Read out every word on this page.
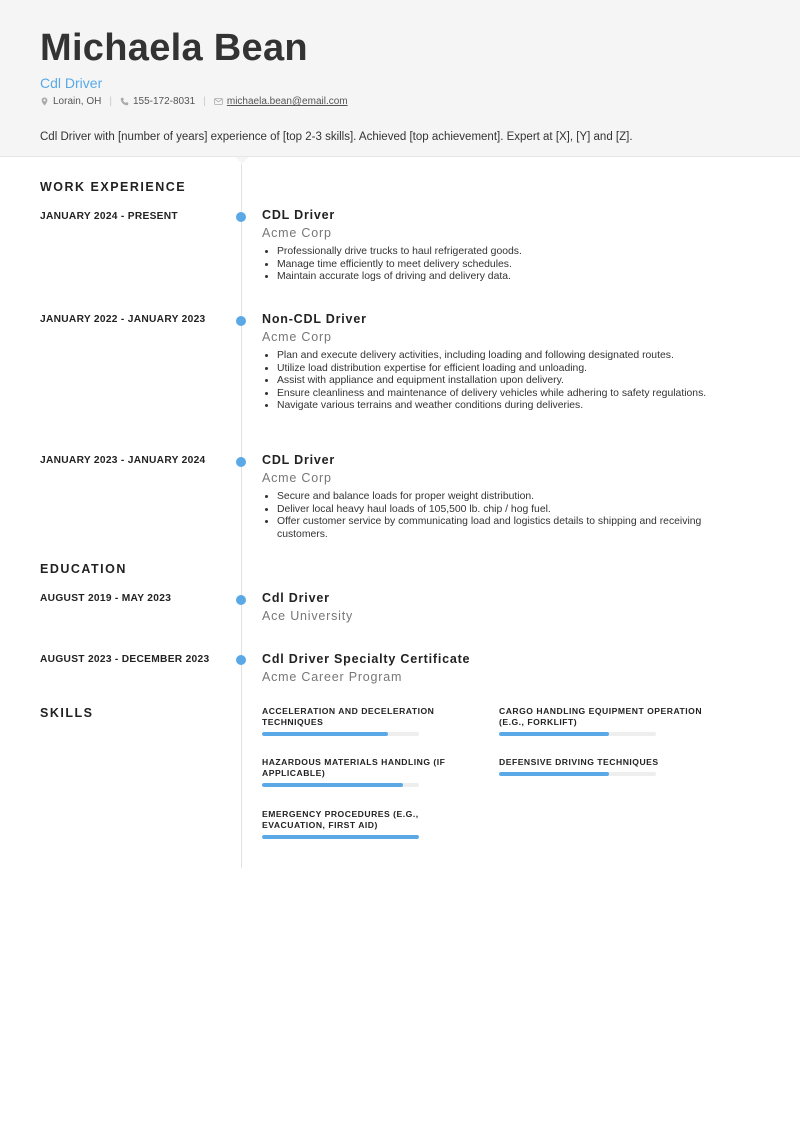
Michaela Bean
Cdl Driver
Lorain, OH | 155-172-8031 | michaela.bean@email.com
Cdl Driver with [number of years] experience of [top 2-3 skills]. Achieved [top achievement]. Expert at [X], [Y] and [Z].
WORK EXPERIENCE
JANUARY 2024 - PRESENT	CDL Driver
Acme Corp
• Professionally drive trucks to haul refrigerated goods.
• Manage time efficiently to meet delivery schedules.
• Maintain accurate logs of driving and delivery data.
JANUARY 2022 - JANUARY 2023	Non-CDL Driver
Acme Corp
• Plan and execute delivery activities, including loading and following designated routes.
• Utilize load distribution expertise for efficient loading and unloading.
• Assist with appliance and equipment installation upon delivery.
• Ensure cleanliness and maintenance of delivery vehicles while adhering to safety regulations.
• Navigate various terrains and weather conditions during deliveries.
JANUARY 2023 - JANUARY 2024	CDL Driver
Acme Corp
• Secure and balance loads for proper weight distribution.
• Deliver local heavy haul loads of 105,500 lb. chip / hog fuel.
• Offer customer service by communicating load and logistics details to shipping and receiving customers.
EDUCATION
AUGUST 2019 - MAY 2023	Cdl Driver
Ace University
AUGUST 2023 - DECEMBER 2023	Cdl Driver Specialty Certificate
Acme Career Program
SKILLS	ACCELERATION AND DECELERATION TECHNIQUES
CARGO HANDLING EQUIPMENT OPERATION (E.G., FORKLIFT)
HAZARDOUS MATERIALS HANDLING (IF APPLICABLE)
DEFENSIVE DRIVING TECHNIQUES
EMERGENCY PROCEDURES (E.G., EVACUATION, FIRST AID)
